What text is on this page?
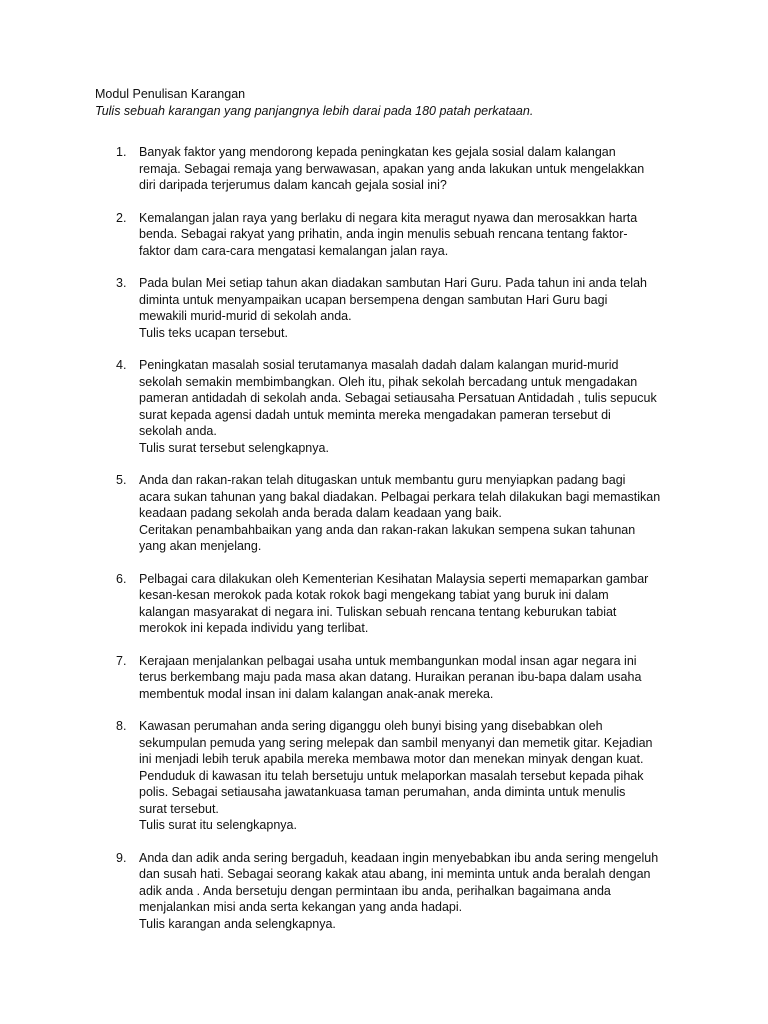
Modul Penulisan Karangan

Tulis sebuah karangan yang panjangnya lebih darai pada 180 patah perkataan.

1. Banyak faktor yang mendorong kepada peningkatan kes gejala sosial dalam kalangan
remaja. Sebagai remaja yang berwawasan, apakan yang anda lakukan untuk mengelakkan
diri daripada terjerumus dalam kancah gejala sosial ini?
2. Kemalangan jalan raya yang berlaku di negara kita meragut nyawa dan merosakkan harta
benda. Sebagai rakyat yang prihatin, anda ingin menulis sebuah rencana tentang faktor-
faktor dam cara-cara mengatasi kemalangan jalan raya.
3. Pada bulan Mei setiap tahun akan diadakan sambutan Hari Guru. Pada tahun ini anda telah
diminta untuk menyampaikan ucapan bersempena dengan sambutan Hari Guru bagi
mewakili murid-murid di sekolah anda.
Tulis teks ucapan tersebut.
4. Peningkatan masalah sosial terutamanya masalah dadah dalam kalangan murid-murid
sekolah semakin membimbangkan. Oleh itu, pihak sekolah bercadang untuk mengadakan
pameran antidadah di sekolah anda. Sebagai setiausaha Persatuan Antidadah , tulis sepucuk
surat kepada agensi dadah untuk meminta mereka mengadakan pameran tersebut di
sekolah anda.
Tulis surat tersebut selengkapnya.
5. Anda dan rakan-rakan telah ditugaskan untuk membantu guru menyiapkan padang bagi
acara sukan tahunan yang bakal diadakan. Pelbagai perkara telah dilakukan bagi memastikan
keadaan padang sekolah anda berada dalam keadaan yang baik.
Ceritakan penambahbaikan yang anda dan rakan-rakan lakukan sempena sukan tahunan
yang akan menjelang.
6. Pelbagai cara dilakukan oleh Kementerian Kesihatan Malaysia seperti memaparkan gambar
kesan-kesan merokok pada kotak rokok bagi mengekang tabiat yang buruk ini dalam
kalangan masyarakat di negara ini. Tuliskan sebuah rencana tentang keburukan tabiat
merokok ini kepada individu yang terlibat.
7. Kerajaan menjalankan pelbagai usaha untuk membangunkan modal insan agar negara ini
terus berkembang maju pada masa akan datang. Huraikan peranan ibu-bapa dalam usaha
membentuk modal insan ini dalam kalangan anak-anak mereka.
8. Kawasan perumahan anda sering diganggu oleh bunyi bising yang disebabkan oleh
sekumpulan pemuda yang sering melepak dan sambil menyanyi dan memetik gitar. Kejadian
ini menjadi lebih teruk apabila mereka membawa motor dan menekan minyak dengan kuat.
Penduduk di kawasan itu telah bersetuju untuk melaporkan masalah tersebut kepada pihak
polis. Sebagai setiausaha jawatankuasa taman perumahan, anda diminta untuk menulis
surat tersebut.
Tulis surat itu selengkapnya.
9. Anda dan adik anda sering bergaduh, keadaan ingin menyebabkan ibu anda sering mengeluh
dan susah hati. Sebagai seorang kakak atau abang, ini meminta untuk anda beralah dengan
adik anda . Anda bersetuju dengan permintaan ibu anda, perihalkan bagaimana anda
menjalankan misi anda serta kekangan yang anda hadapi.
Tulis karangan anda selengkapnya.
